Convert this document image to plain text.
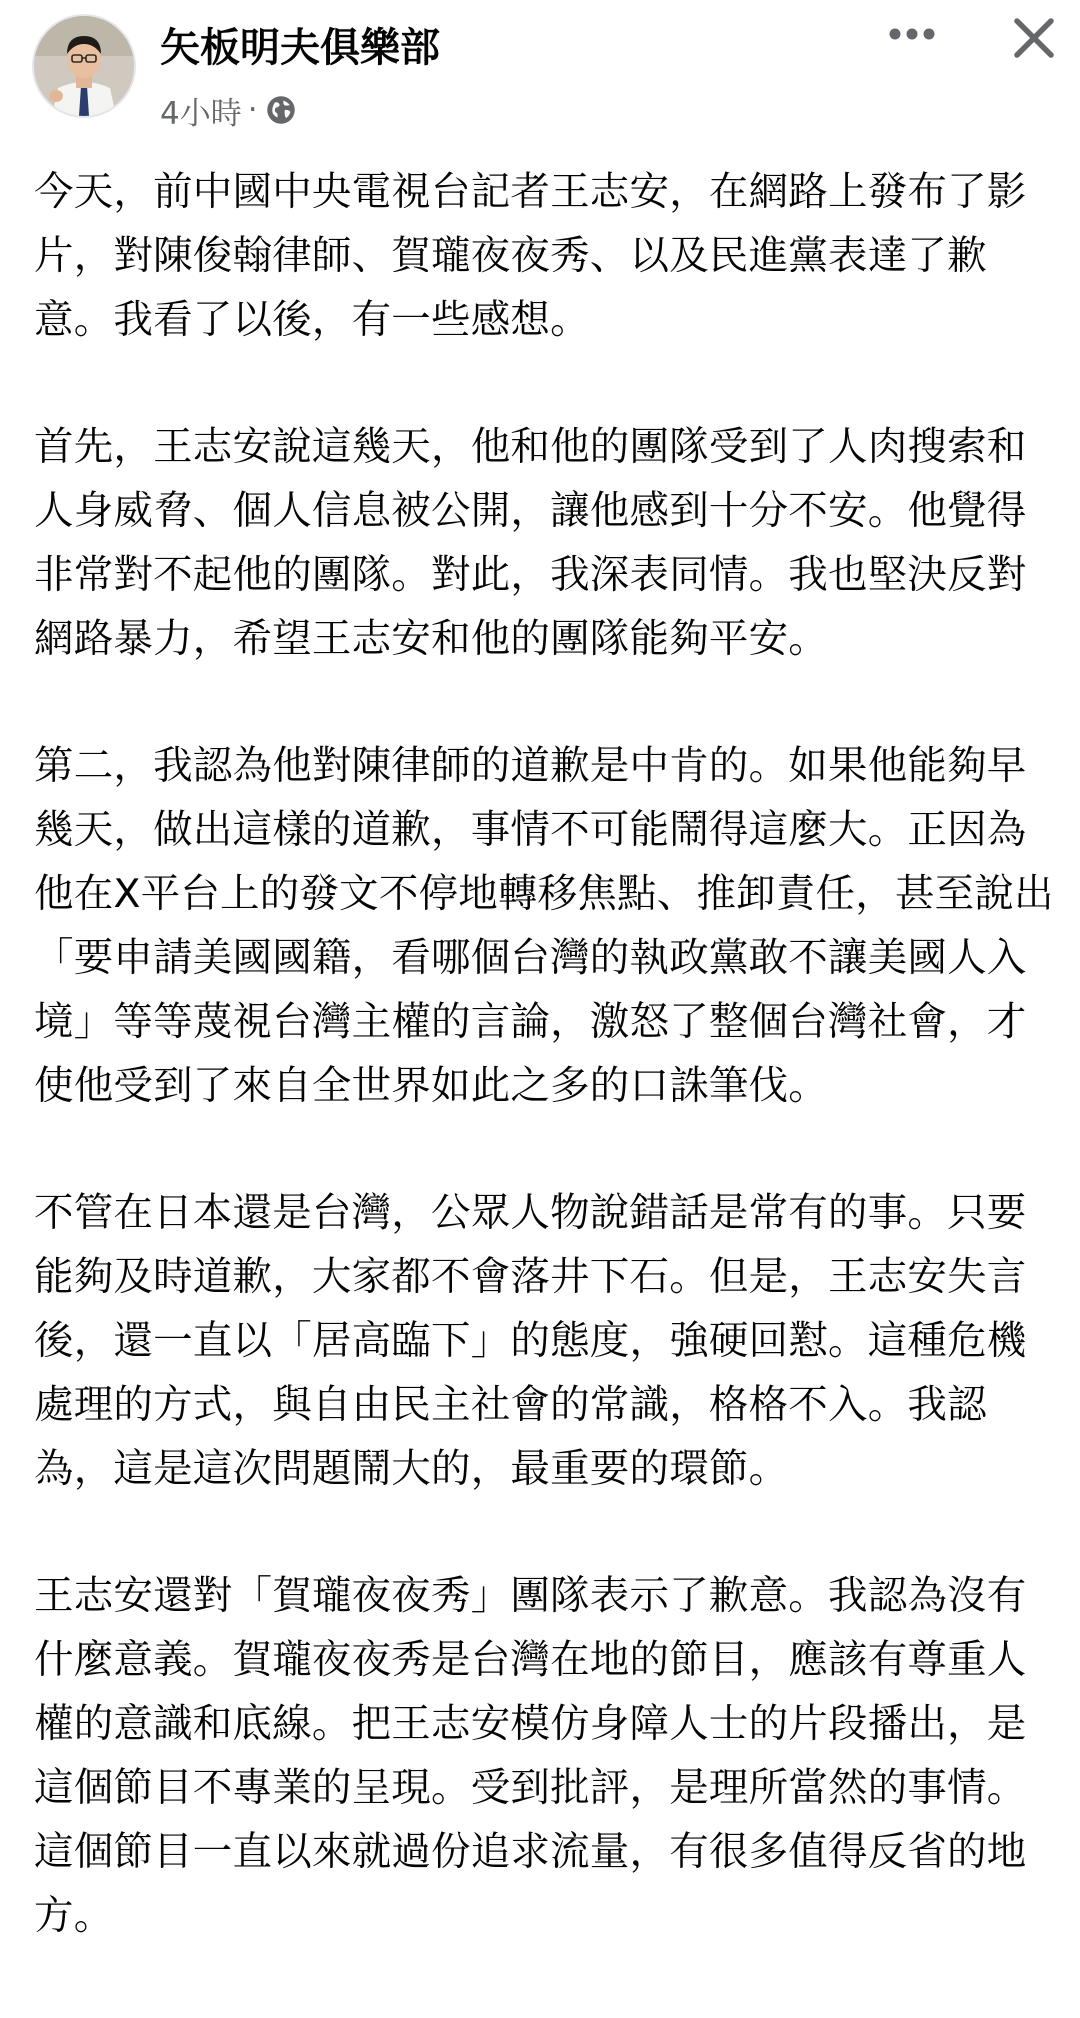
矢板明夫俱樂部
4小時 ·

今天，前中國中央電視台記者王志安，在網路上發布了影片，對陳俊翰律師、賀瓏夜夜秀、以及民進黨表達了歉意。我看了以後，有一些感想。

首先，王志安說這幾天，他和他的團隊受到了人肉搜索和人身威脅、個人信息被公開，讓他感到十分不安。他覺得非常對不起他的團隊。對此，我深表同情。我也堅決反對網路暴力，希望王志安和他的團隊能夠平安。

第二，我認為他對陳律師的道歉是中肯的。如果他能夠早幾天，做出這樣的道歉，事情不可能鬧得這麼大。正因為他在X平台上的發文不停地轉移焦點、推卸責任，甚至說出「要申請美國國籍，看哪個台灣的執政黨敢不讓美國人入境」等等蔑視台灣主權的言論，激怒了整個台灣社會，才使他受到了來自全世界如此之多的口誅筆伐。

不管在日本還是台灣，公眾人物說錯話是常有的事。只要能夠及時道歉，大家都不會落井下石。但是，王志安失言後，還一直以「居高臨下」的態度，強硬回懟。這種危機處理的方式，與自由民主社會的常識，格格不入。我認為，這是這次問題鬧大的，最重要的環節。

王志安還對「賀瓏夜夜秀」團隊表示了歉意。我認為沒有什麼意義。賀瓏夜夜秀是台灣在地的節目，應該有尊重人權的意識和底線。把王志安模仿身障人士的片段播出，是這個節目不專業的呈現。受到批評，是理所當然的事情。這個節目一直以來就過份追求流量，有很多值得反省的地方。
